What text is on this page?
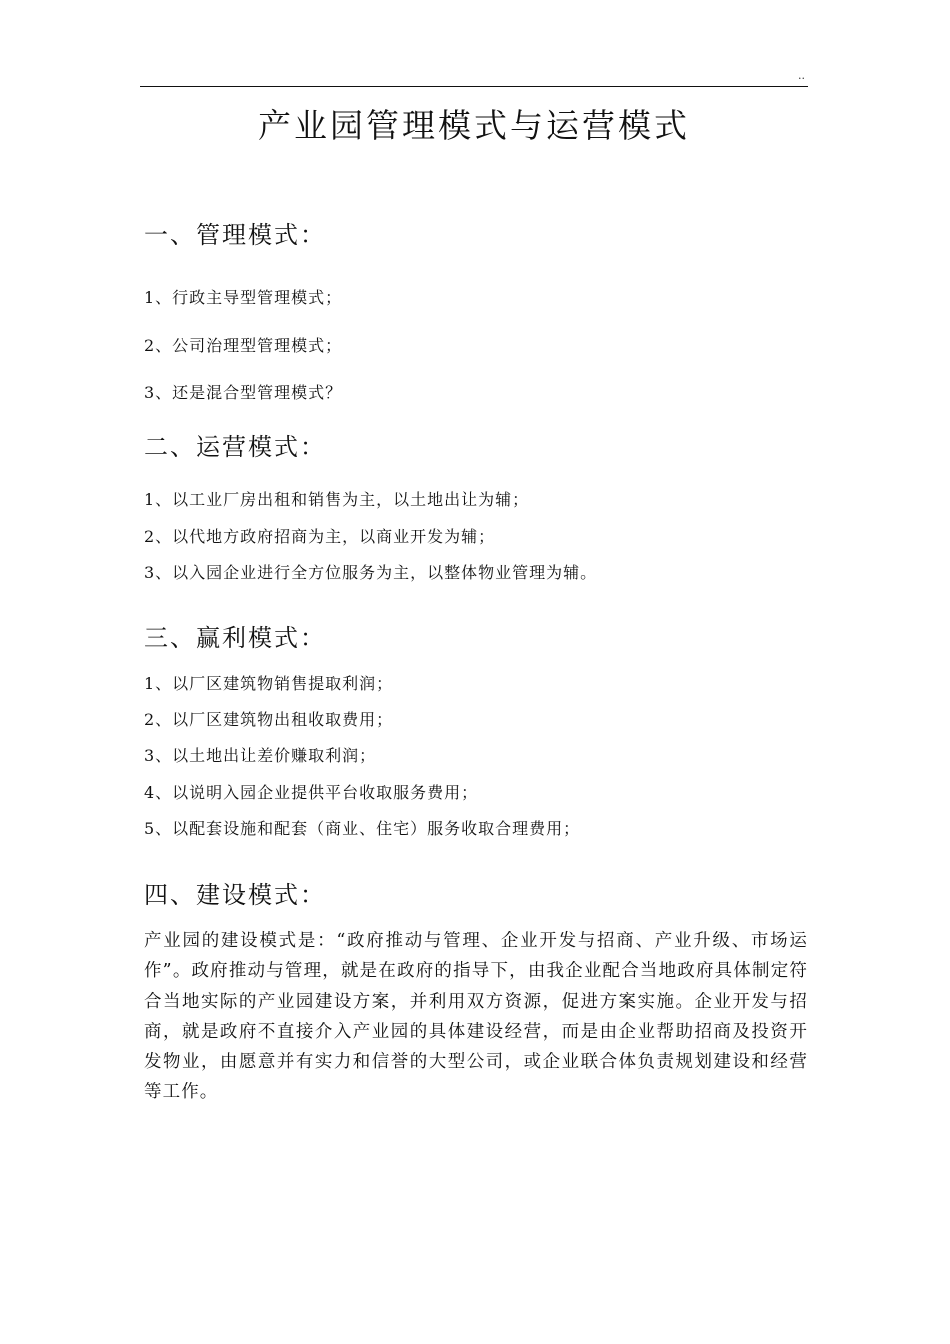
..
产业园管理模式与运营模式
一、管理模式：

1、行政主导型管理模式；

2、公司治理型管理模式；

3、还是混合型管理模式？

二、运营模式：

1、以工业厂房出租和销售为主，以土地出让为辅；

2、以代地方政府招商为主，以商业开发为辅；

3、以入园企业进行全方位服务为主，以整体物业管理为辅。

三、赢利模式：

1、以厂区建筑物销售提取利润；

2、以厂区建筑物出租收取费用；

3、以土地出让差价赚取利润；

4、以说明入园企业提供平台收取服务费用；

5、以配套设施和配套（商业、住宅）服务收取合理费用；

四、建设模式：

产业园的建设模式是：“政府推动与管理、企业开发与招商、产业升级、市场运作”。政府推动与管理，就是在政府的指导下，由我企业配合当地政府具体制定符合当地实际的产业园建设方案，并利用双方资源，促进方案实施。企业开发与招商，就是政府不直接介入产业园的具体建设经营，而是由企业帮助招商及投资开发物业，由愿意并有实力和信誉的大型公司，或企业联合体负责规划建设和经营等工作。
